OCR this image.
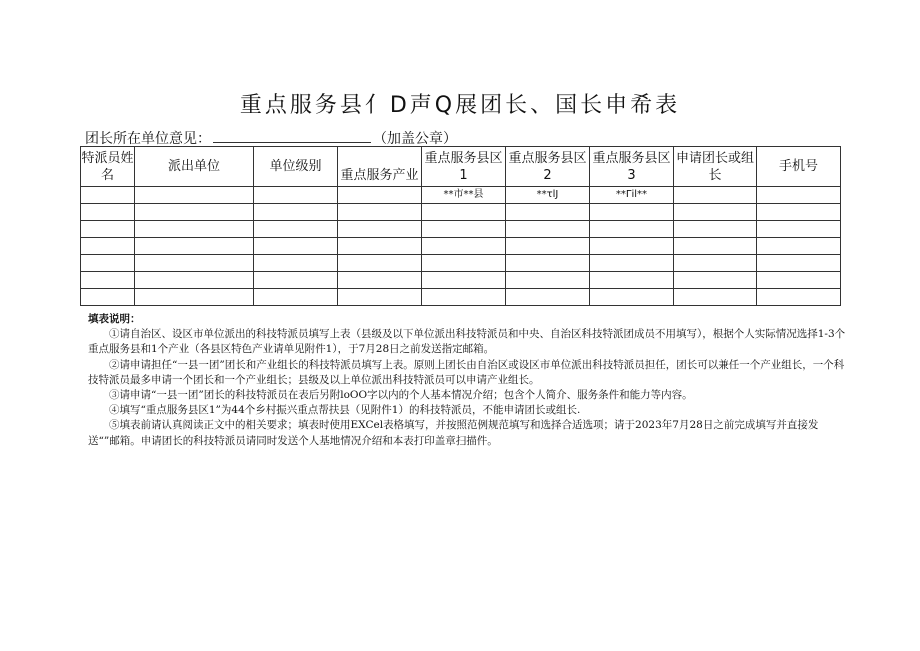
重点服务县亻D声Q展团长、国长申希表
团长所在单位意见：	（加盖公章）
特派员姓名	派出单位	单位级别	重点服务产业	重点服务县区1	重点服务县区2	重点服务县区3	申请团长或组长	手机号
				**市**县	**τlJ	**Γil**		

填表说明：

①请自治区、设区市单位派出的科技特派员填写上表（县级及以下单位派出科技特派员和中央、自治区科技特派团成员不用填写），根据个人实际情况选择1-3个重点服务县和1个产业（各县区特色产业请单见附件1），于7月28日之前发送指定邮箱。

②请申请担任“一县一团”团长和产业组长的科技特派员填写上表。原则上团长由自治区或设区市单位派出科技特派员担任，团长可以兼任一个产业组长，一个科技特派员最多申请一个团长和一个产业组长；县级及以上单位派出科技特派员可以申请产业组长。

③请申请“一县一团”团长的科技特派员在表后另附loOO字以内的个人基本情况介绍；包含个人简介、服务条件和能力等内容。

④填写“重点服务县区1”为44个乡村振兴重点帮扶县（见附件1）的科技特派员，不能申请团长或组长.

⑤填表前请认真阅读正文中的相关要求；填表时使用EXCel表格填写，并按照范例规范填写和选择合适选项；请于2023年7月28日之前完成填写并直接发送“”邮箱。申请团长的科技特派员请同时发送个人基地情况介绍和本表打印盖章扫描件。
